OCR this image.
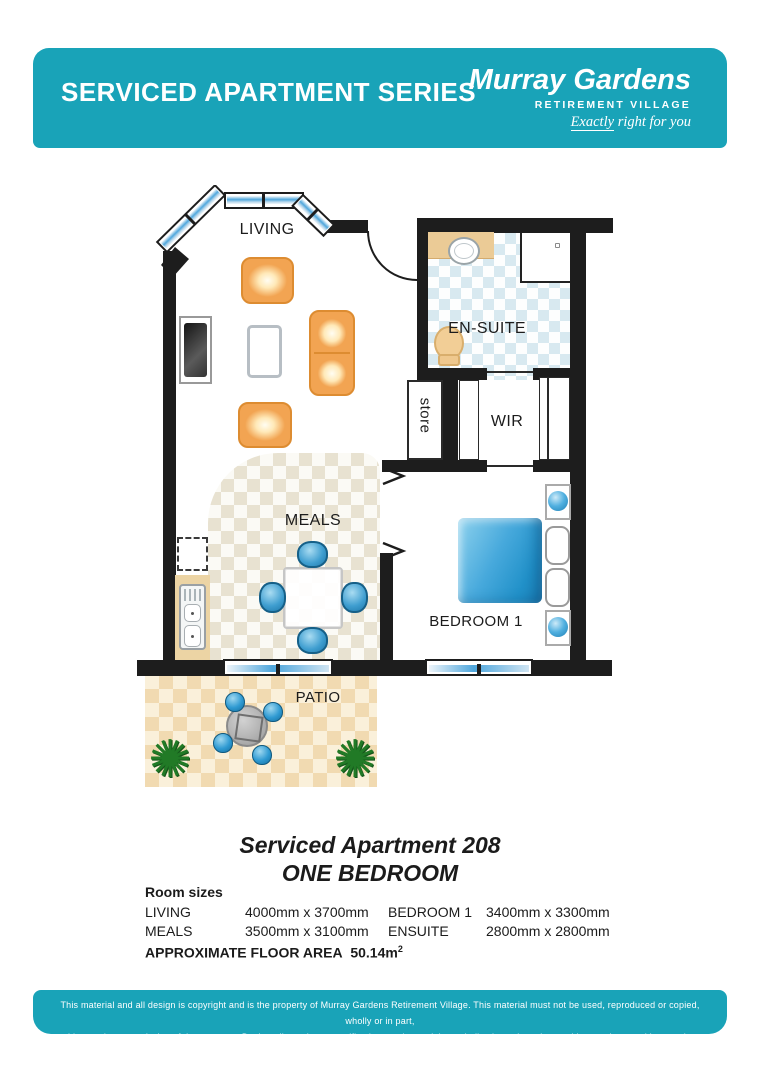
SERVICED APARTMENT SERIES
Murray Gardens
RETIREMENT VILLAGE
Exactly right for you
✺	✺
LIVING
EN-SUITE
store	WIR
MEALS
BEDROOM 1
PATIO
Serviced Apartment 208
ONE BEDROOM
Room sizes
LIVING	4000mm x 3700mm BEDROOM 1 3400mm x 3300mm
MEALS	3500mm x 3100mm ENSUITE	2800mm x 2800mm
APPROXIMATE FLOOR AREA $50.14m^2$
This material and all design is copyright and is the property of Murray Gardens Retirement Village. This material must not be used, reproduced or copied, wholly or in part,
without written permission of the company. Design, dimensions, specifications and materials are indicative only and are subject to change without notice.
